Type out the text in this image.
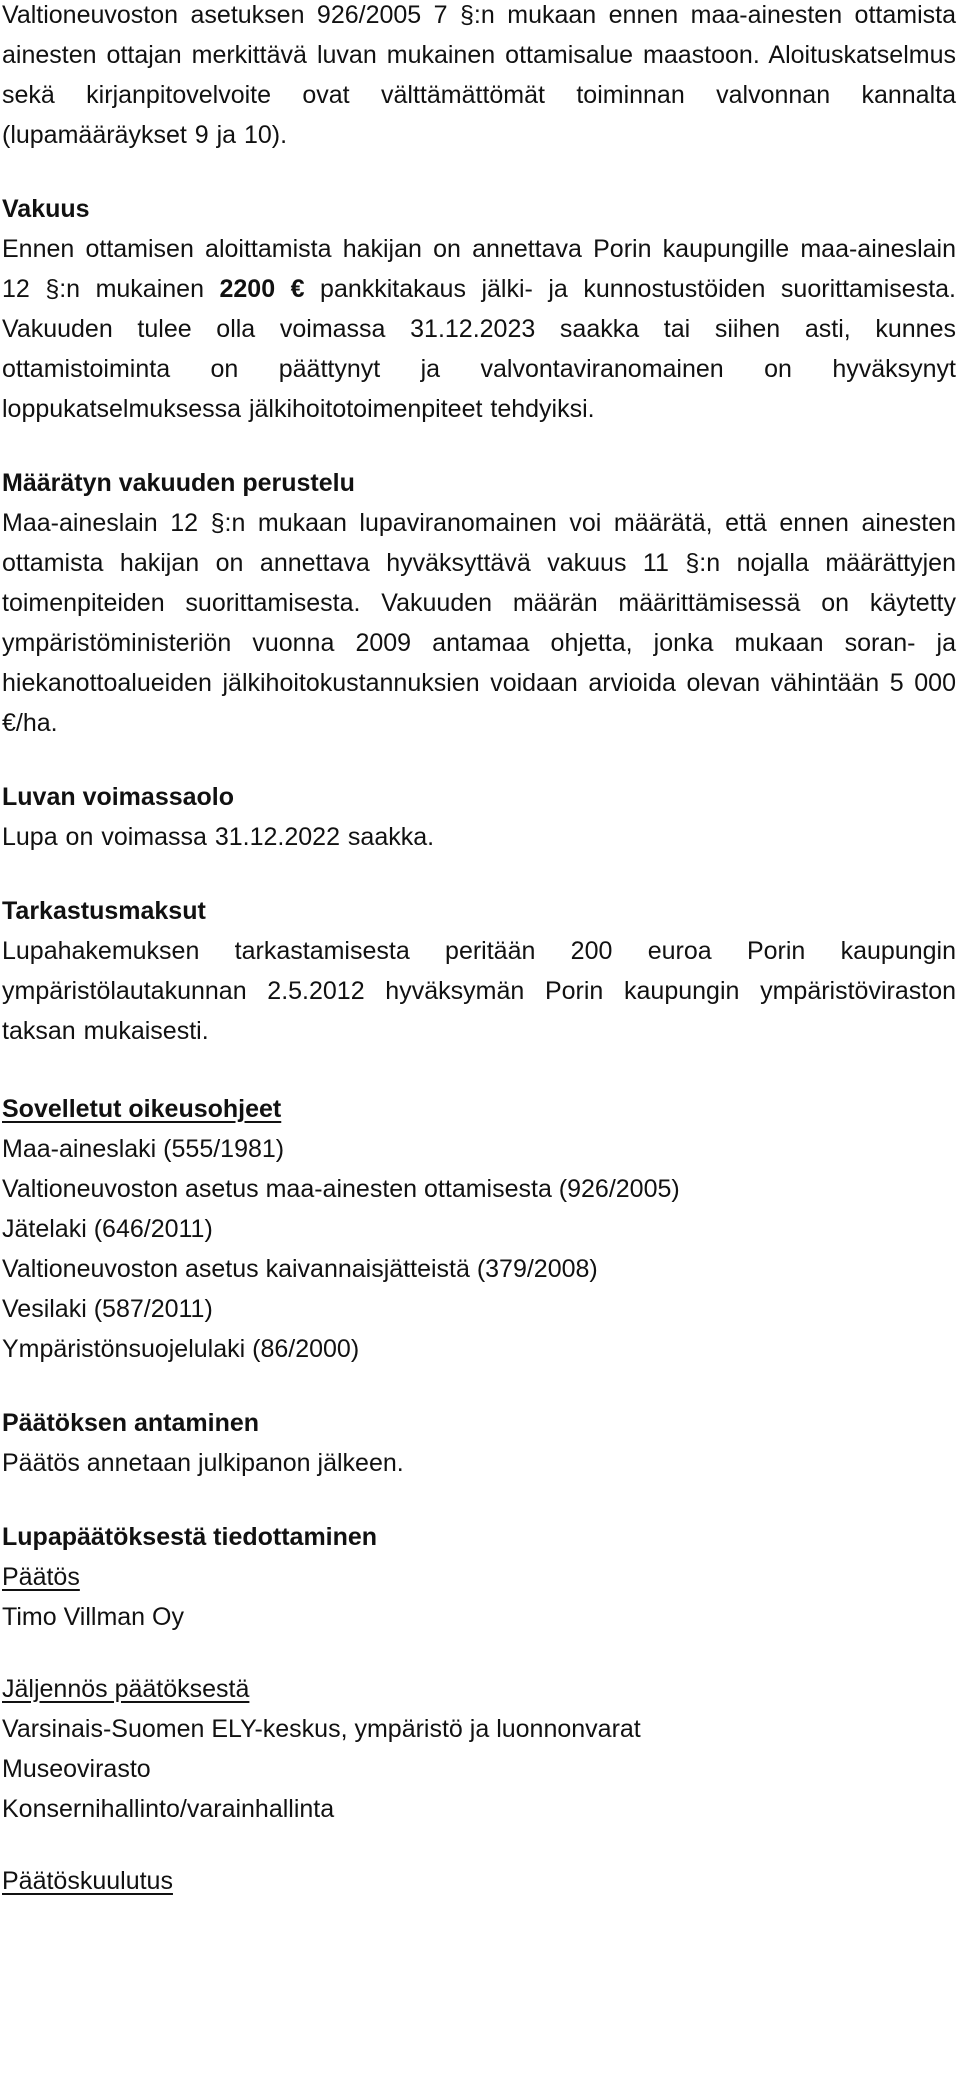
Valtioneuvoston asetuksen 926/2005 7 §:n mukaan ennen maa-ainesten ottamista ainesten ottajan merkittävä luvan mukainen ottamisalue maastoon. Aloituskatselmus sekä kirjanpitovelvoite ovat välttämättömät toiminnan valvonnan kannalta (lupamääräykset 9 ja 10).

Vakuus

Ennen ottamisen aloittamista hakijan on annettava Porin kaupungille maa-aineslain 12 §:n mukainen 2200 € pankkitakaus jälki- ja kunnostustöiden suorittamisesta. Vakuuden tulee olla voimassa 31.12.2023 saakka tai siihen asti, kunnes ottamistoiminta on päättynyt ja valvontaviranomainen on hyväksynyt loppukatselmuksessa jälkihoitotoimenpiteet tehdyiksi.

Määrätyn vakuuden perustelu

Maa-aineslain 12 §:n mukaan lupaviranomainen voi määrätä, että ennen ainesten ottamista hakijan on annettava hyväksyttävä vakuus 11 §:n nojalla määrättyjen toimenpiteiden suorittamisesta. Vakuuden määrän määrittämisessä on käytetty ympäristöministeriön vuonna 2009 antamaa ohjetta, jonka mukaan soran- ja hiekanottoalueiden jälkihoitokustannuksien voidaan arvioida olevan vähintään 5 000 €/ha.

Luvan voimassaolo

Lupa on voimassa 31.12.2022 saakka.

Tarkastusmaksut

Lupahakemuksen tarkastamisesta peritään 200 euroa Porin kaupungin ympäristölautakunnan 2.5.2012 hyväksymän Porin kaupungin ympäristöviraston taksan mukaisesti.

Sovelletut oikeusohjeet

Maa-aineslaki (555/1981)

Valtioneuvoston asetus maa-ainesten ottamisesta (926/2005)

Jätelaki (646/2011)

Valtioneuvoston asetus kaivannaisjätteistä (379/2008)

Vesilaki (587/2011)

Ympäristönsuojelulaki (86/2000)

Päätöksen antaminen

Päätös annetaan julkipanon jälkeen.

Lupapäätöksestä tiedottaminen

Päätös

Timo Villman Oy

Jäljennös päätöksestä

Varsinais-Suomen ELY-keskus, ympäristö ja luonnonvarat

Museovirasto

Konsernihallinto/varainhallinta

Päätöskuulutus
